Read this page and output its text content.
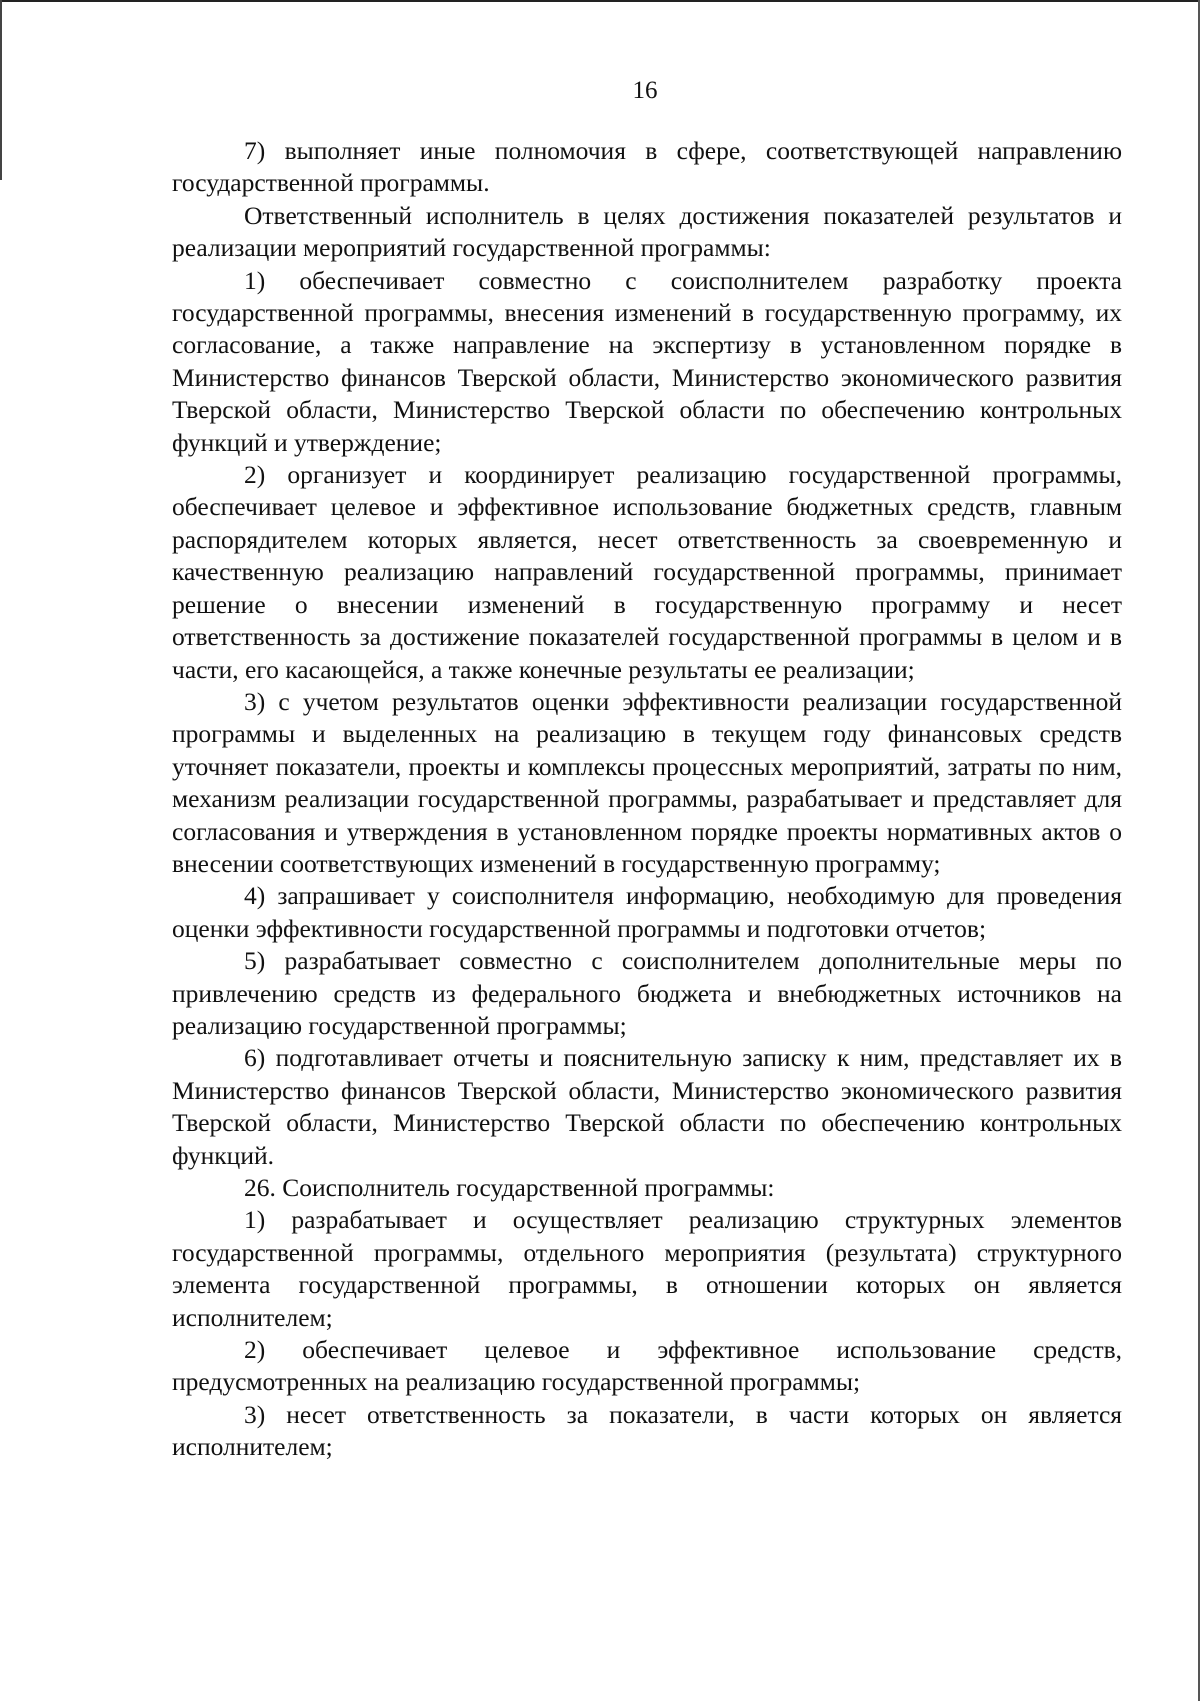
16

7) выполняет иные полномочия в сфере, соответствующей направлению государственной программы.

Ответственный исполнитель в целях достижения показателей результатов и реализации мероприятий государственной программы:

1) обеспечивает совместно с соисполнителем разработку проекта государственной программы, внесения изменений в государственную программу, их согласование, а также направление на экспертизу в установленном порядке в Министерство финансов Тверской области, Министерство экономического развития Тверской области, Министерство Тверской области по обеспечению контрольных функций и утверждение;

2) организует и координирует реализацию государственной программы, обеспечивает целевое и эффективное использование бюджетных средств, главным распорядителем которых является, несет ответственность за своевременную и качественную реализацию направлений государственной программы, принимает решение о внесении изменений в государственную программу и несет ответственность за достижение показателей государственной программы в целом и в части, его касающейся, а также конечные результаты ее реализации;

3) с учетом результатов оценки эффективности реализации государственной программы и выделенных на реализацию в текущем году финансовых средств уточняет показатели, проекты и комплексы процессных мероприятий, затраты по ним, механизм реализации государственной программы, разрабатывает и представляет для согласования и утверждения в установленном порядке проекты нормативных актов о внесении соответствующих изменений в государственную программу;

4) запрашивает у соисполнителя информацию, необходимую для проведения оценки эффективности государственной программы и подготовки отчетов;

5) разрабатывает совместно с соисполнителем дополнительные меры по привлечению средств из федерального бюджета и внебюджетных источников на реализацию государственной программы;

6) подготавливает отчеты и пояснительную записку к ним, представляет их в Министерство финансов Тверской области, Министерство экономического развития Тверской области, Министерство Тверской области по обеспечению контрольных функций.

26. Соисполнитель государственной программы:

1) разрабатывает и осуществляет реализацию структурных элементов государственной программы, отдельного мероприятия (результата) структурного элемента государственной программы, в отношении которых он является исполнителем;

2) обеспечивает целевое и эффективное использование средств, предусмотренных на реализацию государственной программы;

3) несет ответственность за показатели, в части которых он является исполнителем;
